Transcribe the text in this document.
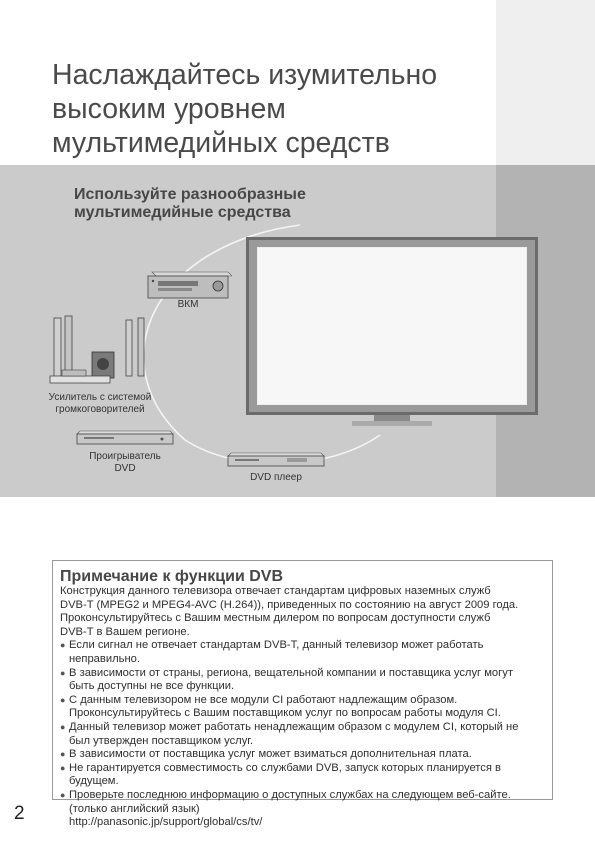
Наслаждайтесь изумительно
высоким уровнем
мультимедийных средств
Используйте разнообразные
мультимедийные средства
ВКМ
Усилитель с системой
громкоговорителей
Проигрыватель
DVD
DVD плеер
Примечание к функции DVB

Конструкция данного телевизора отвечает стандартам цифровых наземных служб

DVB-T (MPEG2 и MPEG4-AVC (H.264)), приведенных по состоянию на август 2009 года.

Проконсультируйтесь с Вашим местным дилером по вопросам доступности служб

DVB-T в Вашем регионе.

● Если сигнал не отвечает стандартам DVB-T, данный телевизор может работать неправильно.
● В зависимости от страны, региона, вещательной компании и поставщика услуг могут
быть доступны не все функции.
● С данным телевизором не все модули CI работают надлежащим образом.
Проконсультируйтесь с Вашим поставщиком услуг по вопросам работы модуля CI.
● Данный телевизор может работать ненадлежащим образом с модулем CI, который не
был утвержден поставщиком услуг.
● В зависимости от поставщика услуг может взиматься дополнительная плата.
● Не гарантируется совместимость со службами DVB, запуск которых планируется в будущем.
● Проверьте последнюю информацию о доступных службах на следующем веб-сайте.
(только английский язык)
http://panasonic.jp/support/global/cs/tv/
2
